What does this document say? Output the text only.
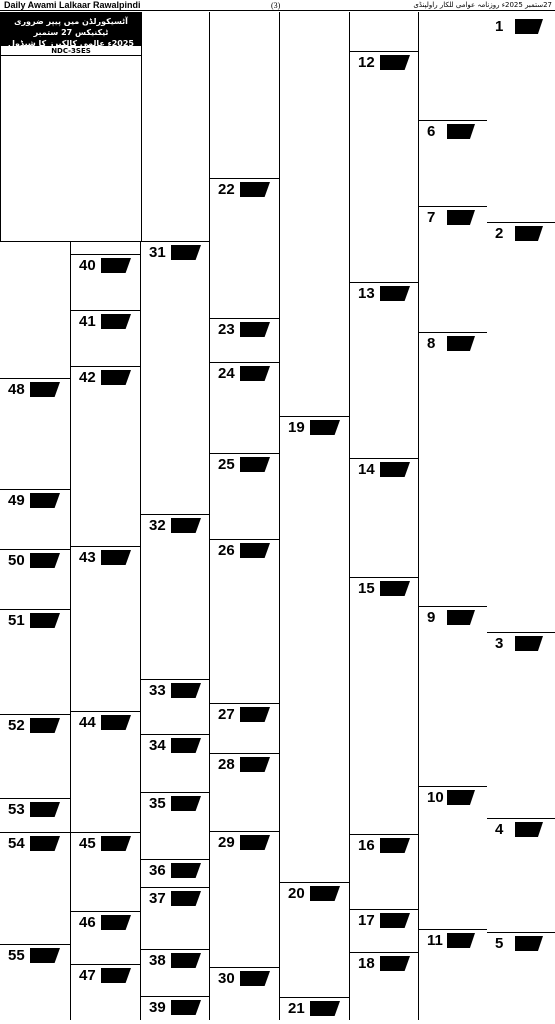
Daily Awami Lalkaar Rawalpindi	(3)	27ستمبر 2025ء روزنامہ عوامی للکار راولپنڈی
1
2
3
4
5
6
7
8
9
10
11
12
13
14
15
16
17
18
19
20
21
22
23
24
25
26
27
28
29
30
31
32
33
34
35
36
37
38
39
40
41
42
43
44
45
46
47
48
49
50
51
52
53
54
55
آٹسیکورلڈن میں پیپر ضروری ٹیکنیکس 27 ستمبر
2025ء عالمی کالکیرز کا شیڈول
NDC-3SES
